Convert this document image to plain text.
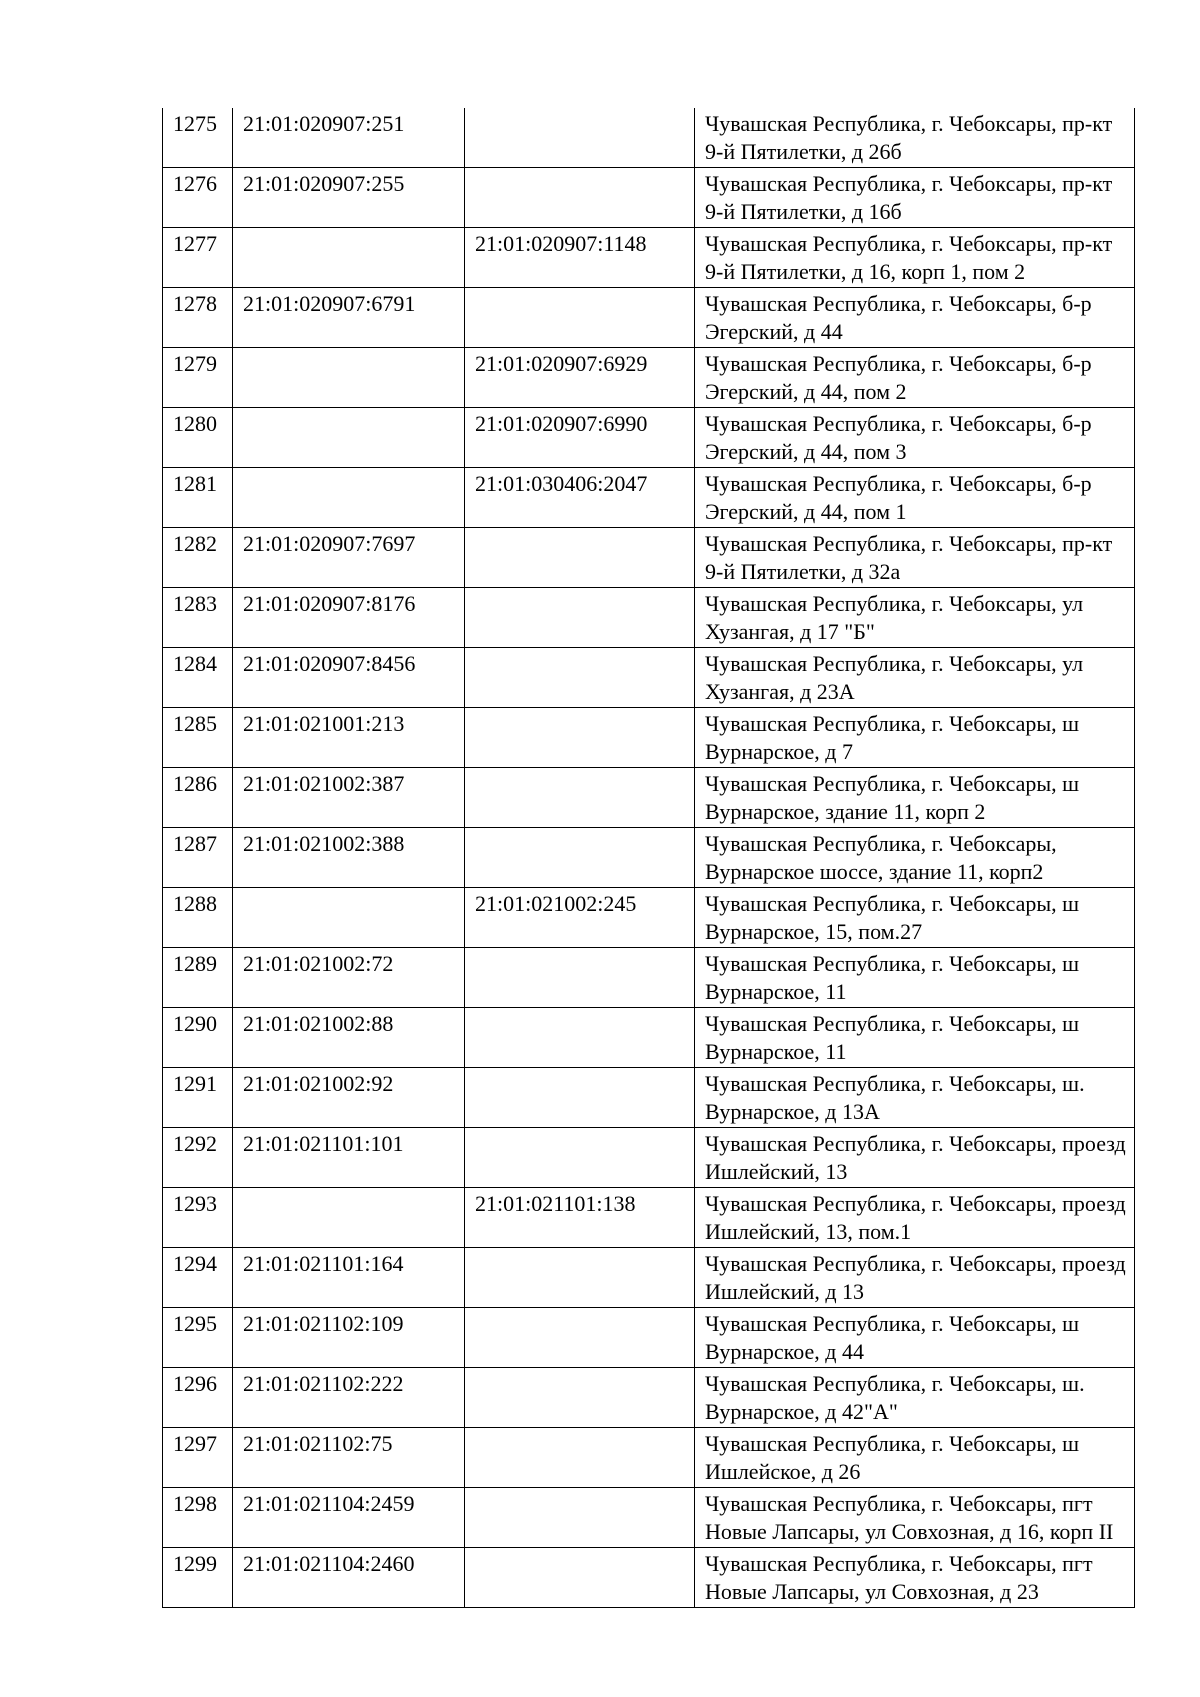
1275	21:01:020907:251		Чувашская Республика, г. Чебоксары, пр-кт 9-й Пятилетки, д 26б
1276	21:01:020907:255		Чувашская Республика, г. Чебоксары, пр-кт 9-й Пятилетки, д 16б
1277		21:01:020907:1148	Чувашская Республика, г. Чебоксары, пр-кт 9-й Пятилетки, д 16, корп 1, пом 2
1278	21:01:020907:6791		Чувашская Республика, г. Чебоксары, б-р Эгерский, д 44
1279		21:01:020907:6929	Чувашская Республика, г. Чебоксары, б-р Эгерский, д 44, пом 2
1280		21:01:020907:6990	Чувашская Республика, г. Чебоксары, б-р Эгерский, д 44, пом 3
1281		21:01:030406:2047	Чувашская Республика, г. Чебоксары, б-р Эгерский, д 44, пом 1
1282	21:01:020907:7697		Чувашская Республика, г. Чебоксары, пр-кт 9-й Пятилетки, д 32а
1283	21:01:020907:8176		Чувашская Республика, г. Чебоксары, ул Хузангая, д 17 "Б"
1284	21:01:020907:8456		Чувашская Республика, г. Чебоксары, ул Хузангая, д 23А
1285	21:01:021001:213		Чувашская Республика, г. Чебоксары, ш Вурнарское, д 7
1286	21:01:021002:387		Чувашская Республика, г. Чебоксары, ш Вурнарское, здание 11, корп 2
1287	21:01:021002:388		Чувашская Республика, г. Чебоксары, Вурнарское шоссе, здание 11, корп2
1288		21:01:021002:245	Чувашская Республика, г. Чебоксары, ш Вурнарское, 15, пом.27
1289	21:01:021002:72		Чувашская Республика, г. Чебоксары, ш Вурнарское, 11
1290	21:01:021002:88		Чувашская Республика, г. Чебоксары, ш Вурнарское, 11
1291	21:01:021002:92		Чувашская Республика, г. Чебоксары, ш. Вурнарское, д 13А
1292	21:01:021101:101		Чувашская Республика, г. Чебоксары, проезд Ишлейский, 13
1293		21:01:021101:138	Чувашская Республика, г. Чебоксары, проезд Ишлейский, 13, пом.1
1294	21:01:021101:164		Чувашская Республика, г. Чебоксары, проезд Ишлейский, д 13
1295	21:01:021102:109		Чувашская Республика, г. Чебоксары, ш Вурнарское, д 44
1296	21:01:021102:222		Чувашская Республика, г. Чебоксары, ш. Вурнарское, д 42"А"
1297	21:01:021102:75		Чувашская Республика, г. Чебоксары, ш Ишлейское, д 26
1298	21:01:021104:2459		Чувашская Республика, г. Чебоксары, пгт Новые Лапсары, ул Совхозная, д 16, корп II
1299	21:01:021104:2460		Чувашская Республика, г. Чебоксары, пгт Новые Лапсары, ул Совхозная, д 23
